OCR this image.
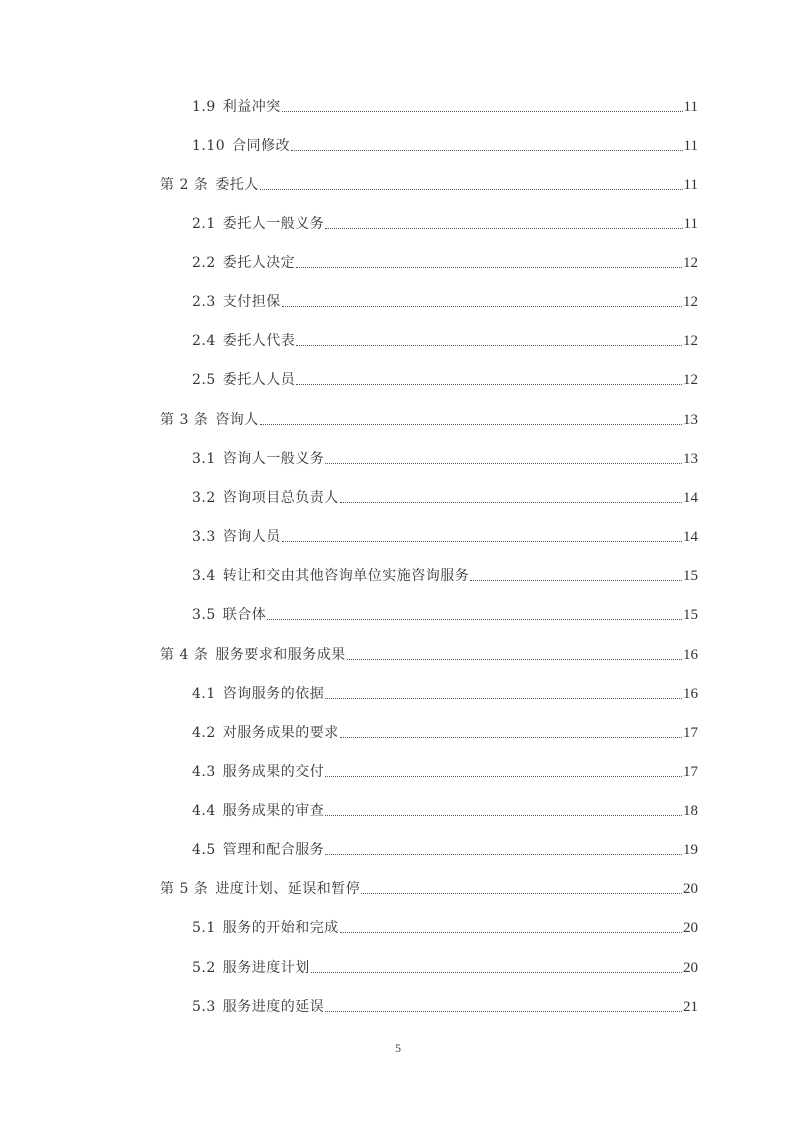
1.9 利益冲突	11
1.10 合同修改	11
第 2 条 委托人	11
2.1 委托人一般义务	11
2.2 委托人决定	12
2.3 支付担保	12
2.4 委托人代表	12
2.5 委托人人员	12
第 3 条 咨询人	13
3.1 咨询人一般义务	13
3.2 咨询项目总负责人	14
3.3 咨询人员	14
3.4 转让和交由其他咨询单位实施咨询服务	15
3.5 联合体	15
第 4 条 服务要求和服务成果	16
4.1 咨询服务的依据	16
4.2 对服务成果的要求	17
4.3 服务成果的交付	17
4.4 服务成果的审查	18
4.5 管理和配合服务	19
第 5 条 进度计划、延误和暂停	20
5.1 服务的开始和完成	20
5.2 服务进度计划	20
5.3 服务进度的延误	21
5
